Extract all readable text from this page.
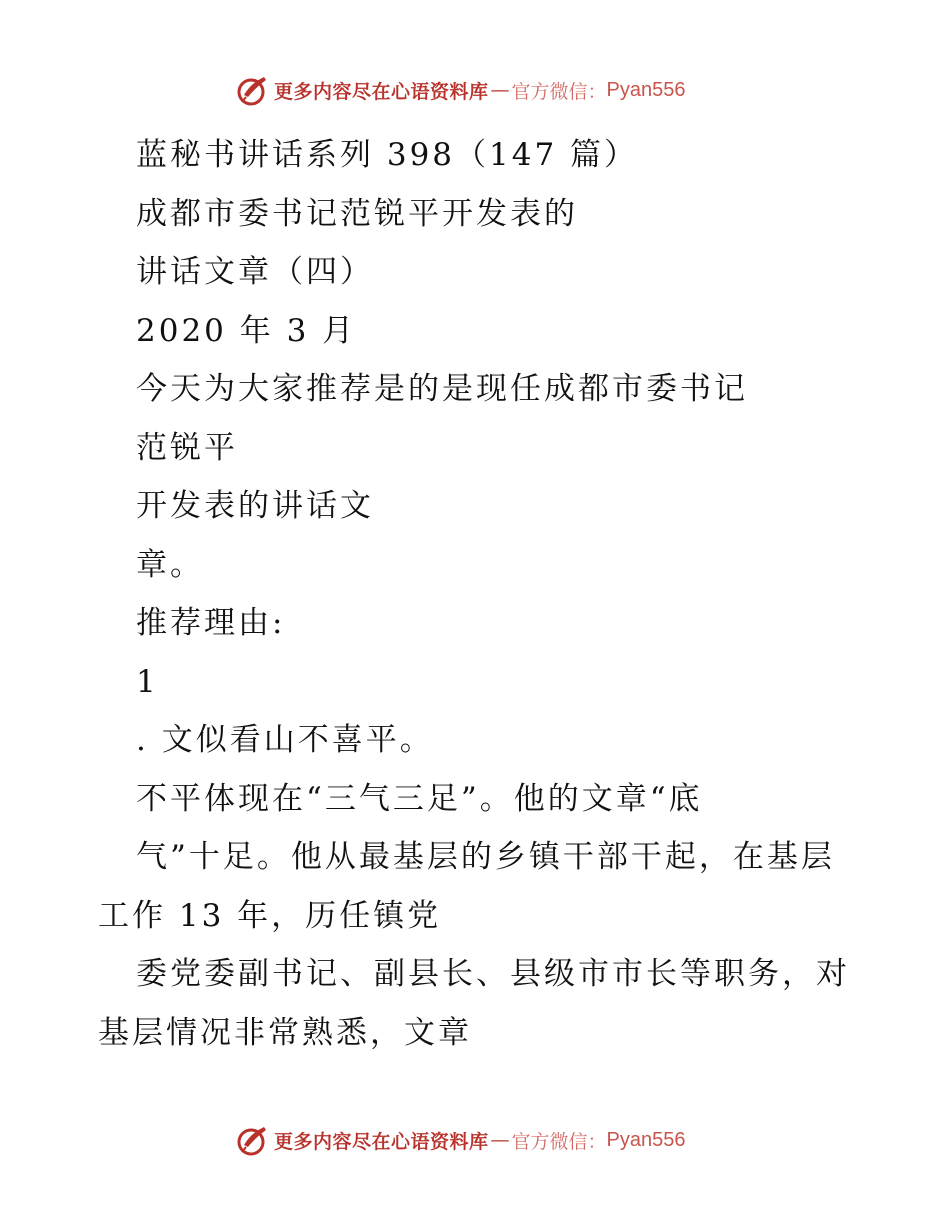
更多内容尽在心语资料库 — 官方微信： Pyan556
蓝秘书讲话系列 398（147 篇）
成都市委书记范锐平开发表的
讲话文章（四）
2020 年 3 月
今天为大家推荐是的是现任成都市委书记
范锐平
开发表的讲话文
章。
推荐理由:
1
. 文似看山不喜平。
不平体现在“三气三足”。他的文章“底
气”十足。他从最基层的乡镇干部干起，在基层
工作 13 年，历任镇党
委党委副书记、副县长、县级市市长等职务，对
基层情况非常熟悉，文章
更多内容尽在心语资料库 — 官方微信： Pyan556
